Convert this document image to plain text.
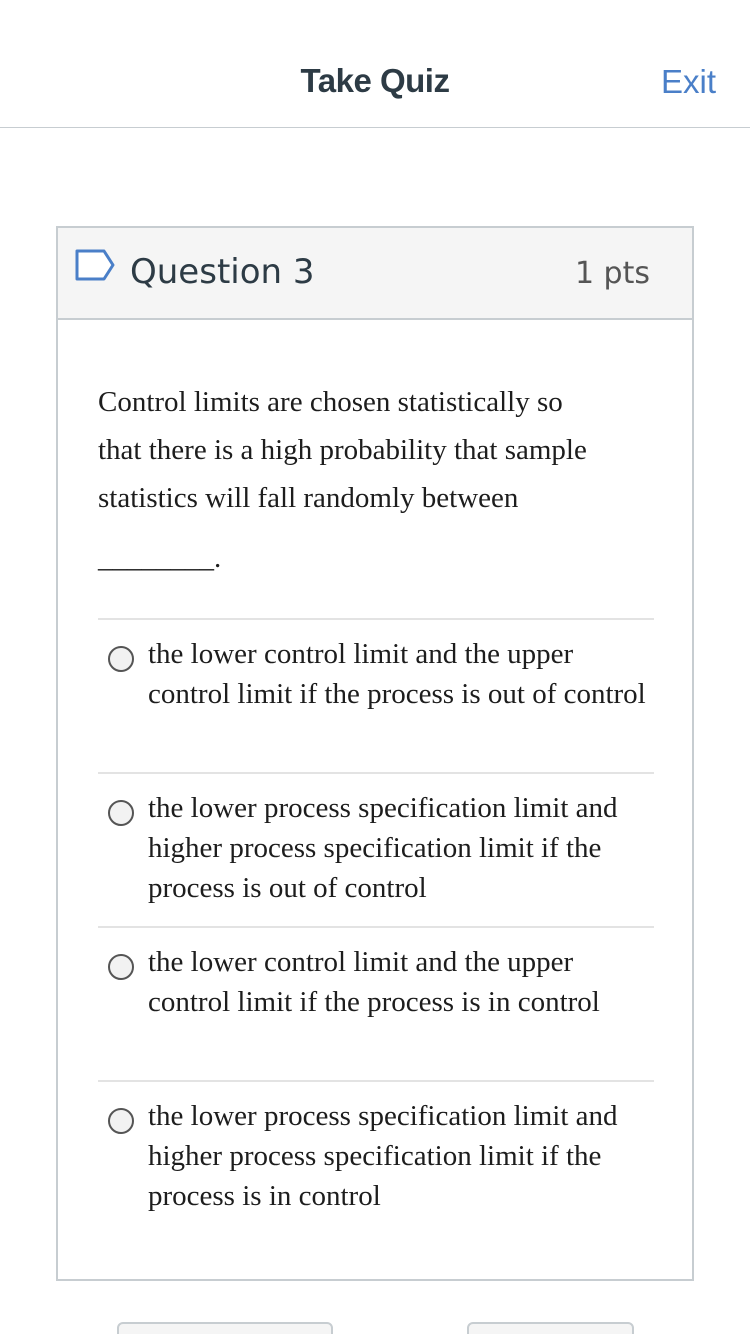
Take Quiz	Exit
Question 3	1 pts
Control limits are chosen statistically so
that there is a high probability that sample
statistics will fall randomly between
________.
the lower control limit and the upper control limit if the process is out of control
the lower process specification limit and higher process specification limit if the process is out of control
the lower control limit and the upper control limit if the process is in control
the lower process specification limit and higher process specification limit if the process is in control
